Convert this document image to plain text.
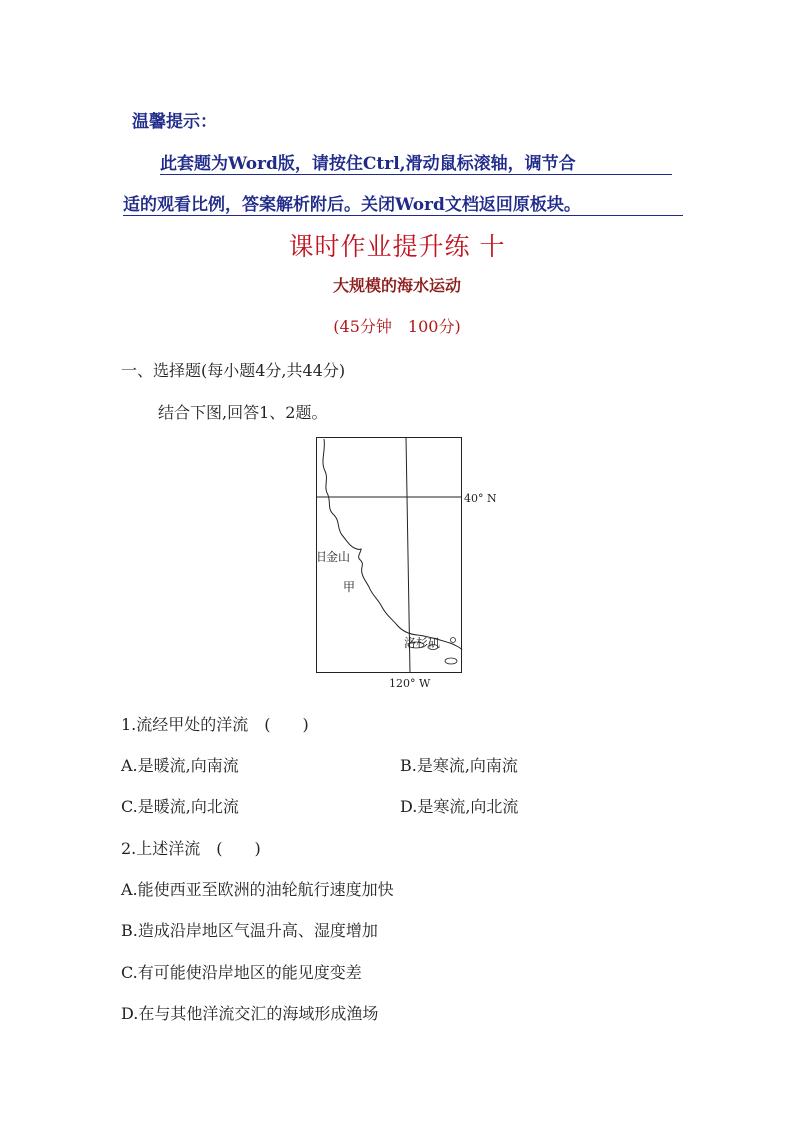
温馨提示：
此套题为Word版，请按住Ctrl,滑动鼠标滚轴，调节合
适的观看比例，答案解析附后。关闭Word文档返回原板块。
课时作业提升练 十
大规模的海水运动
(45分钟　100分)
一、选择题(每小题4分,共44分)
结合下图,回答1、2题。
40° N
120° W
旧金山
甲
洛杉矶
1.流经甲处的洋流　(　　)
A.是暖流,向南流	B.是寒流,向南流
C.是暖流,向北流	D.是寒流,向北流
2.上述洋流　(　　)
A.能使西亚至欧洲的油轮航行速度加快
B.造成沿岸地区气温升高、湿度增加
C.有可能使沿岸地区的能见度变差
D.在与其他洋流交汇的海域形成渔场
